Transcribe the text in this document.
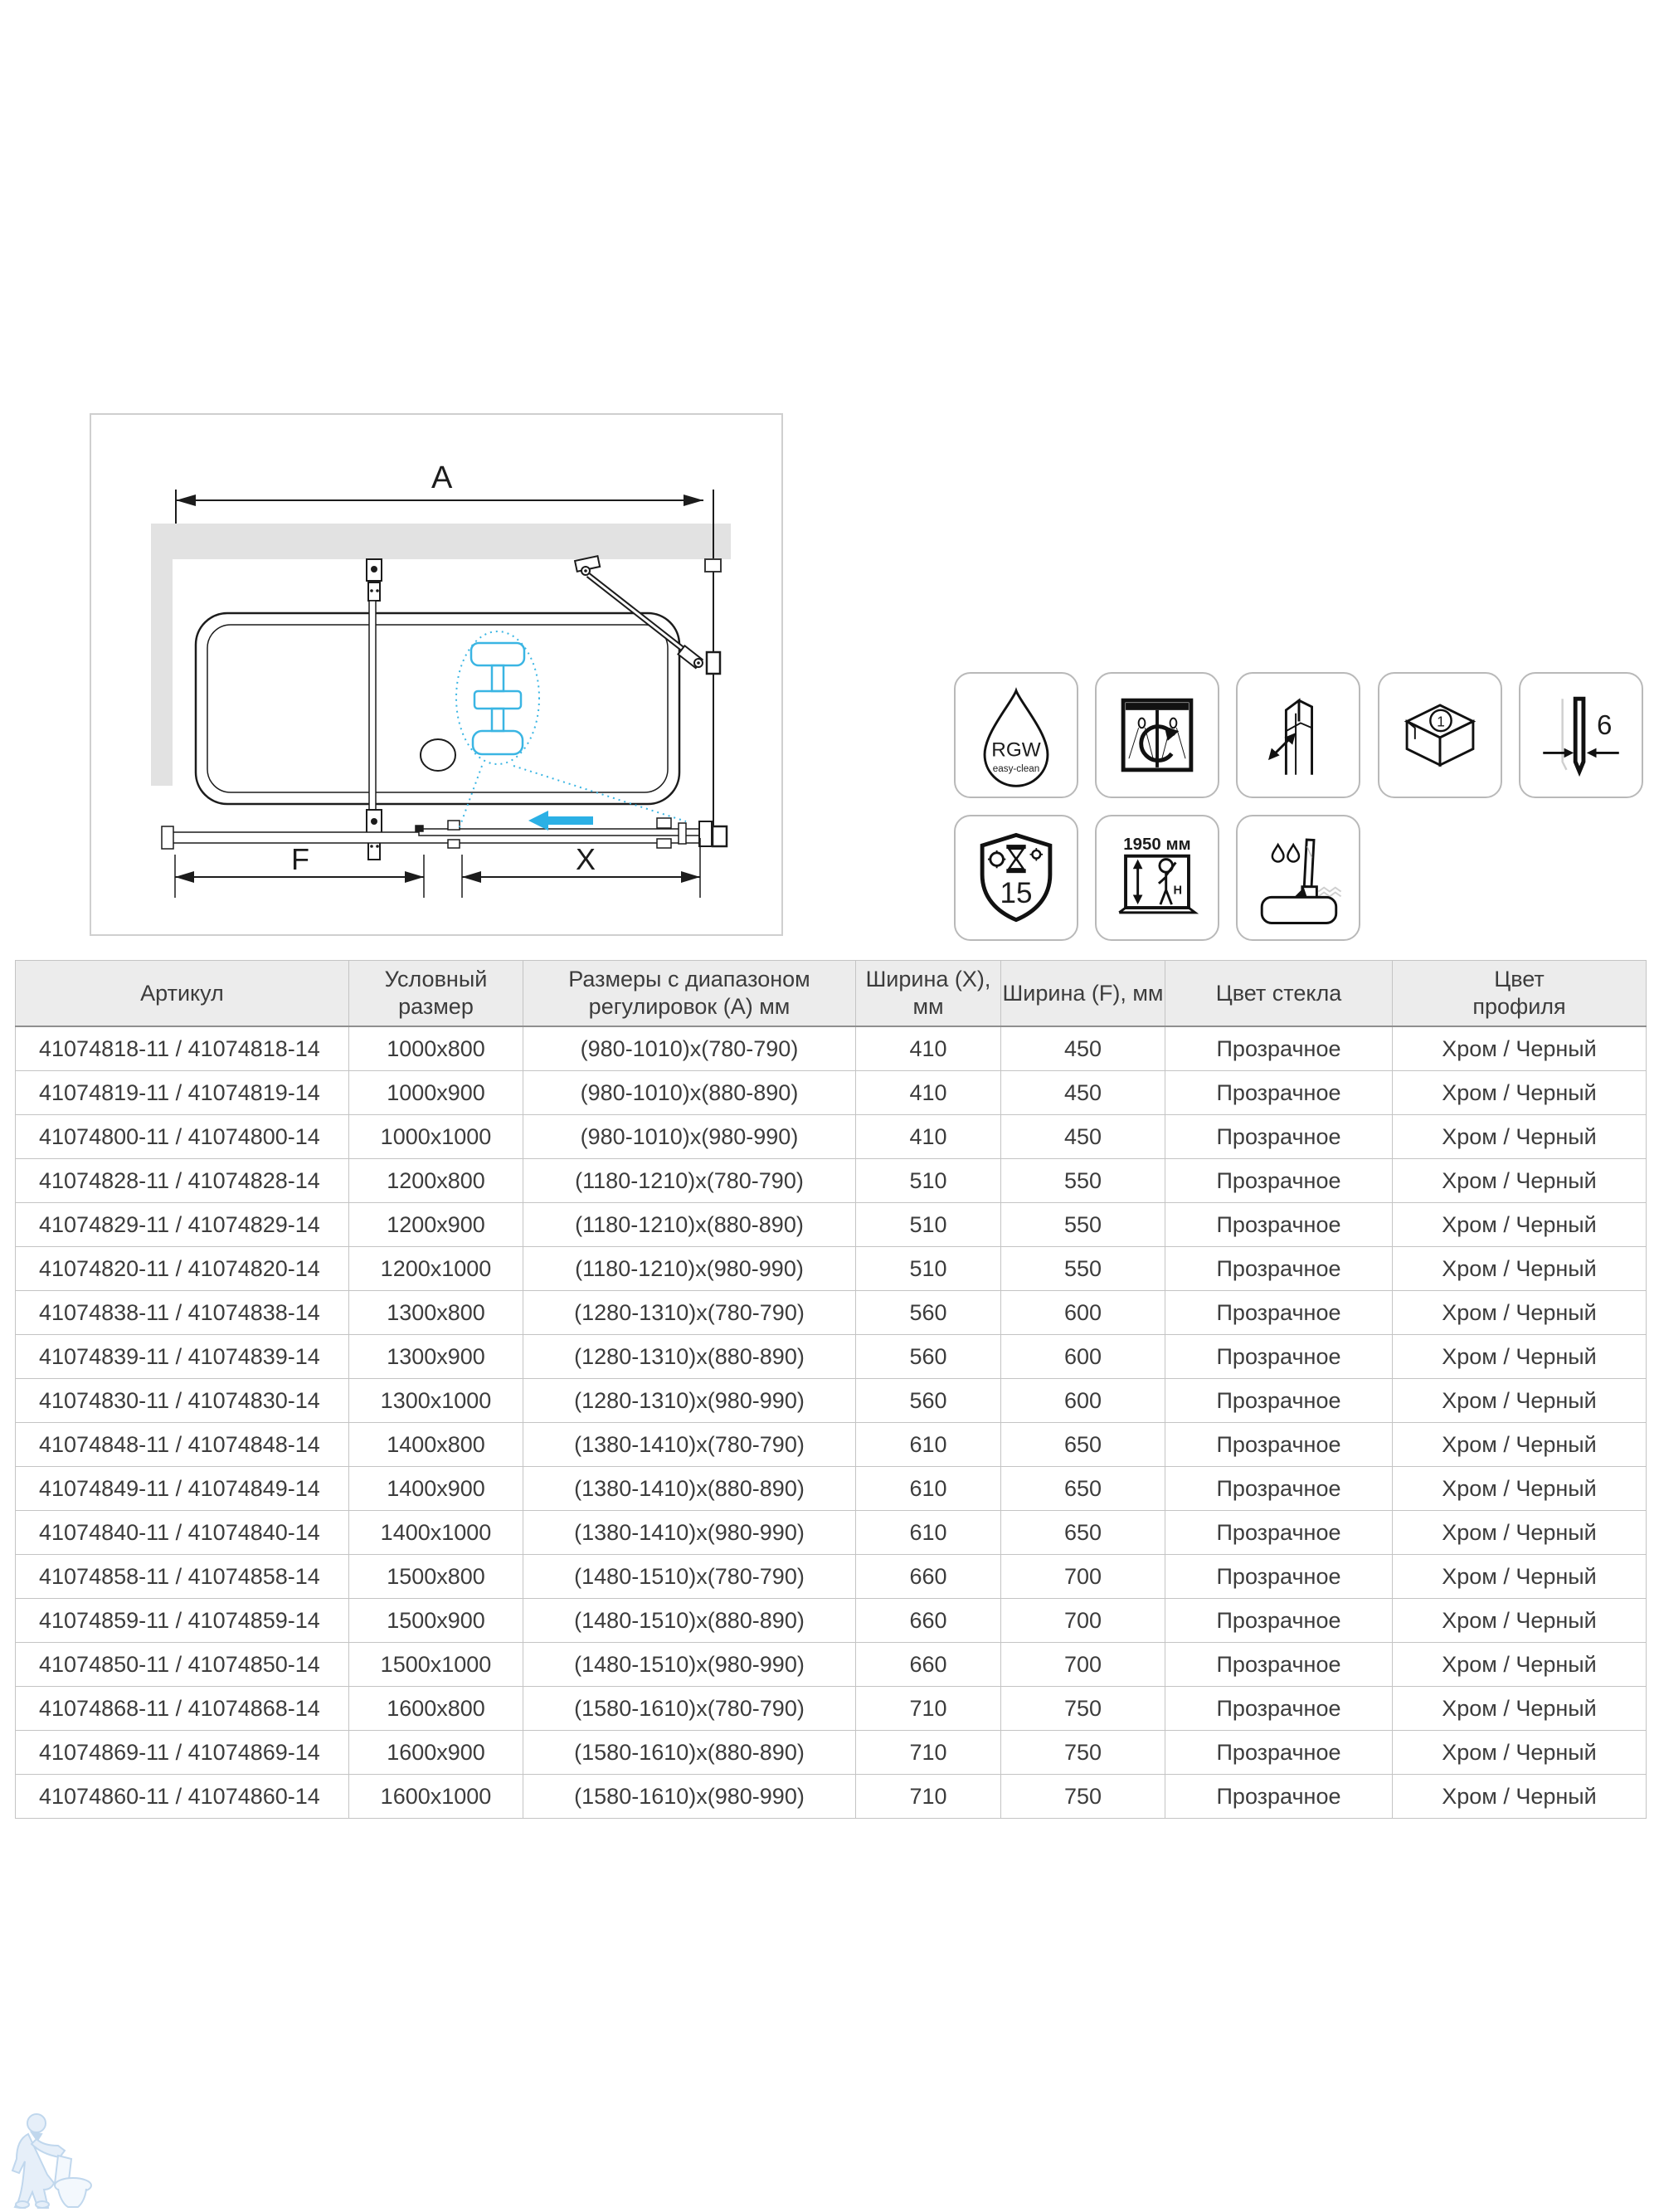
A
F	X
RGW
easy-clean
1	6
15
1950 мм
H
Артикул	Условный размер	Размеры с диапазоном регулировок (А) мм	Ширина (X), мм	Ширина (F), мм	Цвет стекла	Цвет профиля
41074818-11 / 41074818-14	1000x800	(980-1010)x(780-790)	410	450	Прозрачное	Хром / Черный
41074819-11 / 41074819-14	1000x900	(980-1010)x(880-890)	410	450	Прозрачное	Хром / Черный
41074800-11 / 41074800-14	1000x1000	(980-1010)x(980-990)	410	450	Прозрачное	Хром / Черный
41074828-11 / 41074828-14	1200x800	(1180-1210)x(780-790)	510	550	Прозрачное	Хром / Черный
41074829-11 / 41074829-14	1200x900	(1180-1210)x(880-890)	510	550	Прозрачное	Хром / Черный
41074820-11 / 41074820-14	1200x1000	(1180-1210)x(980-990)	510	550	Прозрачное	Хром / Черный
41074838-11 / 41074838-14	1300x800	(1280-1310)x(780-790)	560	600	Прозрачное	Хром / Черный
41074839-11 / 41074839-14	1300x900	(1280-1310)x(880-890)	560	600	Прозрачное	Хром / Черный
41074830-11 / 41074830-14	1300x1000	(1280-1310)x(980-990)	560	600	Прозрачное	Хром / Черный
41074848-11 / 41074848-14	1400x800	(1380-1410)x(780-790)	610	650	Прозрачное	Хром / Черный
41074849-11 / 41074849-14	1400x900	(1380-1410)x(880-890)	610	650	Прозрачное	Хром / Черный
41074840-11 / 41074840-14	1400x1000	(1380-1410)x(980-990)	610	650	Прозрачное	Хром / Черный
41074858-11 / 41074858-14	1500x800	(1480-1510)x(780-790)	660	700	Прозрачное	Хром / Черный
41074859-11 / 41074859-14	1500x900	(1480-1510)x(880-890)	660	700	Прозрачное	Хром / Черный
41074850-11 / 41074850-14	1500x1000	(1480-1510)x(980-990)	660	700	Прозрачное	Хром / Черный
41074868-11 / 41074868-14	1600x800	(1580-1610)x(780-790)	710	750	Прозрачное	Хром / Черный
41074869-11 / 41074869-14	1600x900	(1580-1610)x(880-890)	710	750	Прозрачное	Хром / Черный
41074860-11 / 41074860-14	1600x1000	(1580-1610)x(980-990)	710	750	Прозрачное	Хром / Черный
